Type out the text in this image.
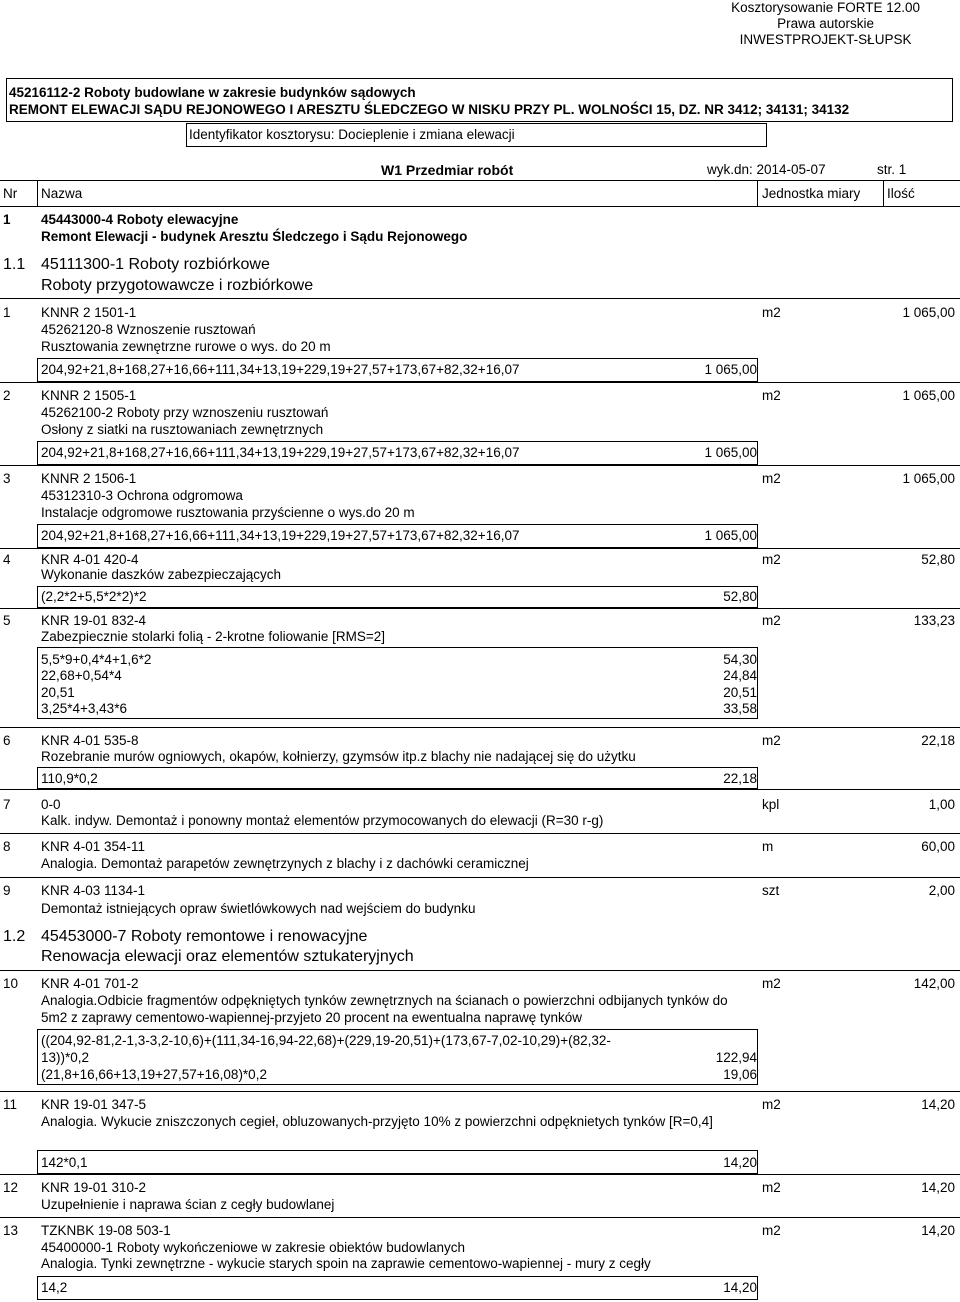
Kosztorysowanie FORTE 12.00
Prawa autorskie
INWESTPROJEKT-SŁUPSK
45216112-2 Roboty budowlane w zakresie budynków sądowych
REMONT ELEWACJI SĄDU REJONOWEGO I ARESZTU ŚLEDCZEGO W NISKU PRZY PL. WOLNOŚCI 15, DZ. NR 3412; 34131; 34132
Identyfikator kosztorysu: Docieplenie i zmiana elewacji
W1 Przedmiar robót	wyk.dn: 2014-05-07	str. 1
Nr Nazwa	Jednostka miary Ilość
1 45443000-4 Roboty elewacyjne
Remont Elewacji - budynek Aresztu Śledczego i Sądu Rejonowego
1.1 45111300-1 Roboty rozbiórkowe
Roboty przygotowawcze i rozbiórkowe
1 KNNR 2 1501-1
45262120-8 Wznoszenie rusztowań
Rusztowania zewnętrzne rurowe o wys. do 20 m
m2	1 065,00
204,92+21,8+168,27+16,66+111,34+13,19+229,19+27,57+173,67+82,32+16,07	1 065,00
2 KNNR 2 1505-1
45262100-2 Roboty przy wznoszeniu rusztowań
Osłony z siatki na rusztowaniach zewnętrznych
m2	1 065,00
204,92+21,8+168,27+16,66+111,34+13,19+229,19+27,57+173,67+82,32+16,07	1 065,00
3 KNNR 2 1506-1
45312310-3 Ochrona odgromowa
Instalacje odgromowe rusztowania przyścienne o wys.do 20 m
m2	1 065,00
204,92+21,8+168,27+16,66+111,34+13,19+229,19+27,57+173,67+82,32+16,07	1 065,00
4 KNR 4-01 420-4
Wykonanie daszków zabezpieczających
m2	52,80
(2,2*2+5,5*2*2)*2	52,80
5 KNR 19-01 832-4
Zabezpiecznie stolarki folią - 2-krotne foliowanie [RMS=2]
m2	133,23
5,5*9+0,4*4+1,6*2	54,30
22,68+0,54*4	24,84
20,51	20,51
3,25*4+3,43*6	33,58
6 KNR 4-01 535-8
Rozebranie murów ogniowych, okapów, kołnierzy, gzymsów itp.z blachy nie nadającej się do użytku
m2	22,18
110,9*0,2	22,18
7 0-0
Kalk. indyw. Demontaż i ponowny montaż elementów przymocowanych do elewacji (R=30 r-g)
kpl	1,00
8 KNR 4-01 354-11
Analogia. Demontaż parapetów zewnętrzynych z blachy i z dachówki ceramicznej
m	60,00
9 KNR 4-03 1134-1
Demontaż istniejących opraw świetlówkowych nad wejściem do budynku
szt	2,00
1.2 45453000-7 Roboty remontowe i renowacyjne
Renowacja elewacji oraz elementów sztukateryjnych
10 KNR 4-01 701-2
Analogia.Odbicie fragmentów odpękniętych tynków zewnętrznych na ścianach o powierzchni odbijanych tynków do
5m2 z zaprawy cementowo-wapiennej-przyjeto 20 procent na ewentualna naprawę tynków
m2	142,00
((204,92-81,2-1,3-3,2-10,6)+(111,34-16,94-22,68)+(229,19-20,51)+(173,67-7,02-10,29)+(82,32-
13))*0,2	122,94
(21,8+16,66+13,19+27,57+16,08)*0,2	19,06
11 KNR 19-01 347-5
Analogia. Wykucie zniszczonych cegieł, obluzowanych-przyjęto 10% z powierzchni odpęknietych tynków [R=0,4]
m2	14,20
142*0,1	14,20
12 KNR 19-01 310-2
Uzupełnienie i naprawa ścian z cegły budowlanej
m2	14,20
13 TZKNBK 19-08 503-1
45400000-1 Roboty wykończeniowe w zakresie obiektów budowlanych
Analogia. Tynki zewnętrzne - wykucie starych spoin na zaprawie cementowo-wapiennej - mury z cegły
m2	14,20
14,2	14,20
